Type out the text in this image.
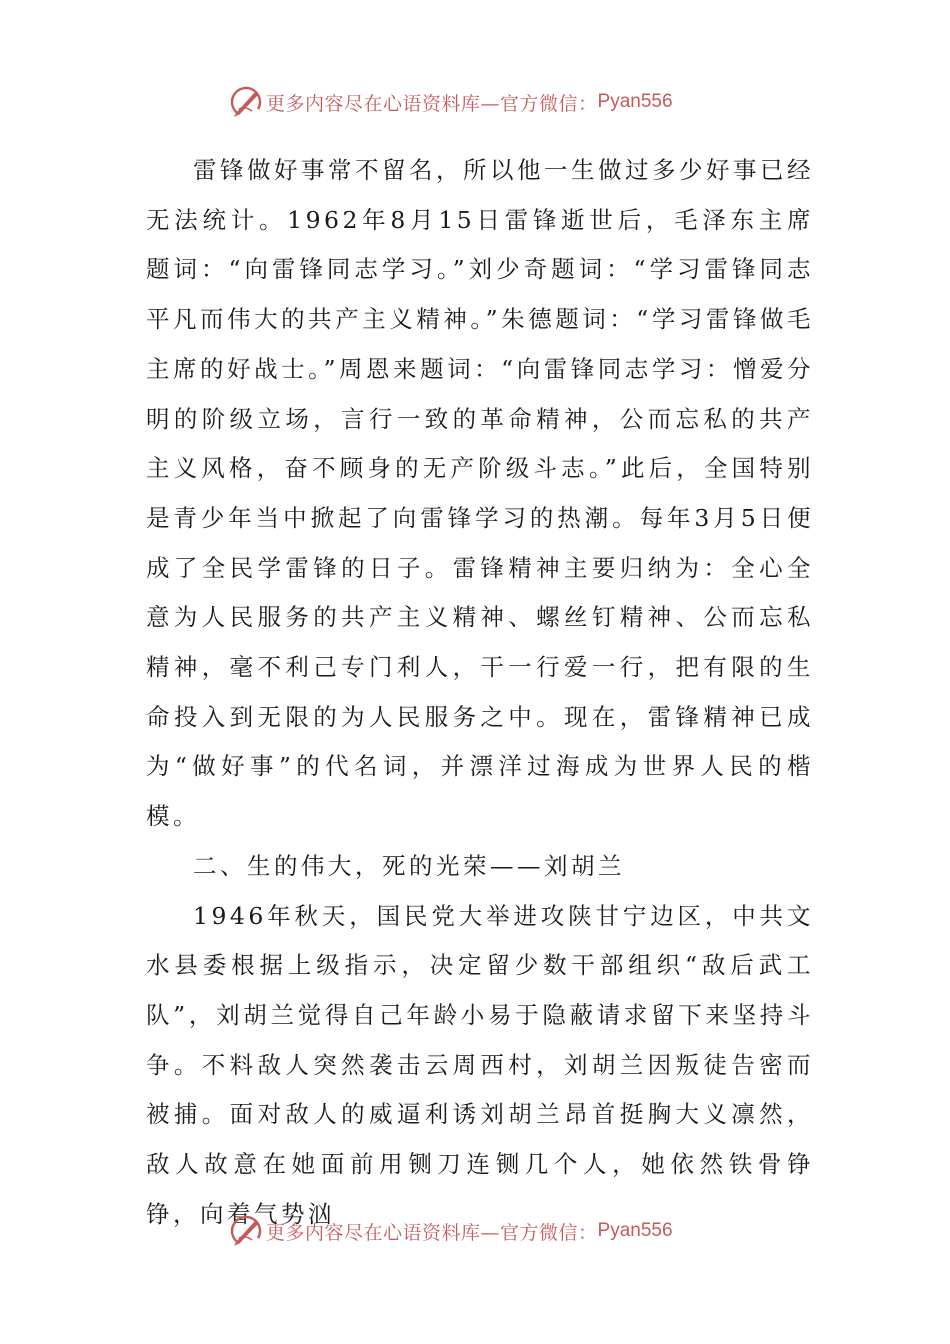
更多内容尽在心语资料库—官方微信： Pyan556

雷锋做好事常不留名，所以他一生做过多少好事已经无法统计。1962年8月15日雷锋逝世后，毛泽东主席题词：“向雷锋同志学习。”刘少奇题词：“学习雷锋同志平凡而伟大的共产主义精神。”朱德题词：“学习雷锋做毛主席的好战士。”周恩来题词：“向雷锋同志学习：憎爱分明的阶级立场，言行一致的革命精神，公而忘私的共产主义风格，奋不顾身的无产阶级斗志。”此后，全国特别是青少年当中掀起了向雷锋学习的热潮。每年3月5日便成了全民学雷锋的日子。雷锋精神主要归纳为：全心全意为人民服务的共产主义精神、螺丝钉精神、公而忘私精神，毫不利己专门利人，干一行爱一行，把有限的生命投入到无限的为人民服务之中。现在，雷锋精神已成为“做好事”的代名词，并漂洋过海成为世界人民的楷模。

二、生的伟大，死的光荣——刘胡兰

1946年秋天，国民党大举进攻陕甘宁边区，中共文水县委根据上级指示，决定留少数干部组织“敌后武工队”，刘胡兰觉得自己年龄小易于隐蔽请求留下来坚持斗争。不料敌人突然袭击云周西村，刘胡兰因叛徒告密而被捕。面对敌人的威逼利诱刘胡兰昂首挺胸大义凛然，敌人故意在她面前用铡刀连铡几个人，她依然铁骨铮铮，向着气势汹

更多内容尽在心语资料库—官方微信： Pyan556
